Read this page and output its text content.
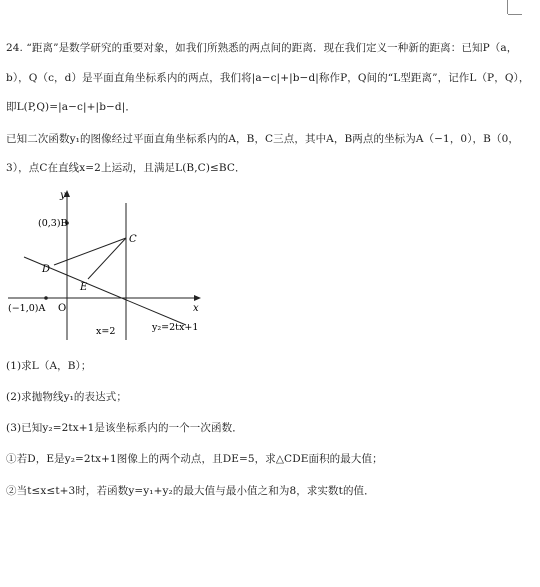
24. “距离”是数学研究的重要对象，如我们所熟悉的两点间的距离．现在我们定义一种新的距离：已知P（a，
b），Q（c，d）是平面直角坐标系内的两点，我们将|a−c|+|b−d|称作P，Q间的“L型距离”，记作L（P，Q），
即L(P,Q)=|a−c|+|b−d|．
已知二次函数y₁的图像经过平面直角坐标系内的A，B，C三点，其中A，B两点的坐标为A（−1，0），B（0，
3），点C在直线x=2上运动，且满足L(B,C)≤BC．
y
x
O
(0,3)B
(−1,0)A
C
D
E
x=2	y₂=2tx+1
(1)求L（A，B）；
(2)求抛物线y₁的表达式；
(3)已知y₂=2tx+1是该坐标系内的一个一次函数．
①若D，E是y₂=2tx+1图像上的两个动点，且DE=5，求△CDE面积的最大值；
②当t≤x≤t+3时，若函数y=y₁+y₂的最大值与最小值之和为8，求实数t的值．
